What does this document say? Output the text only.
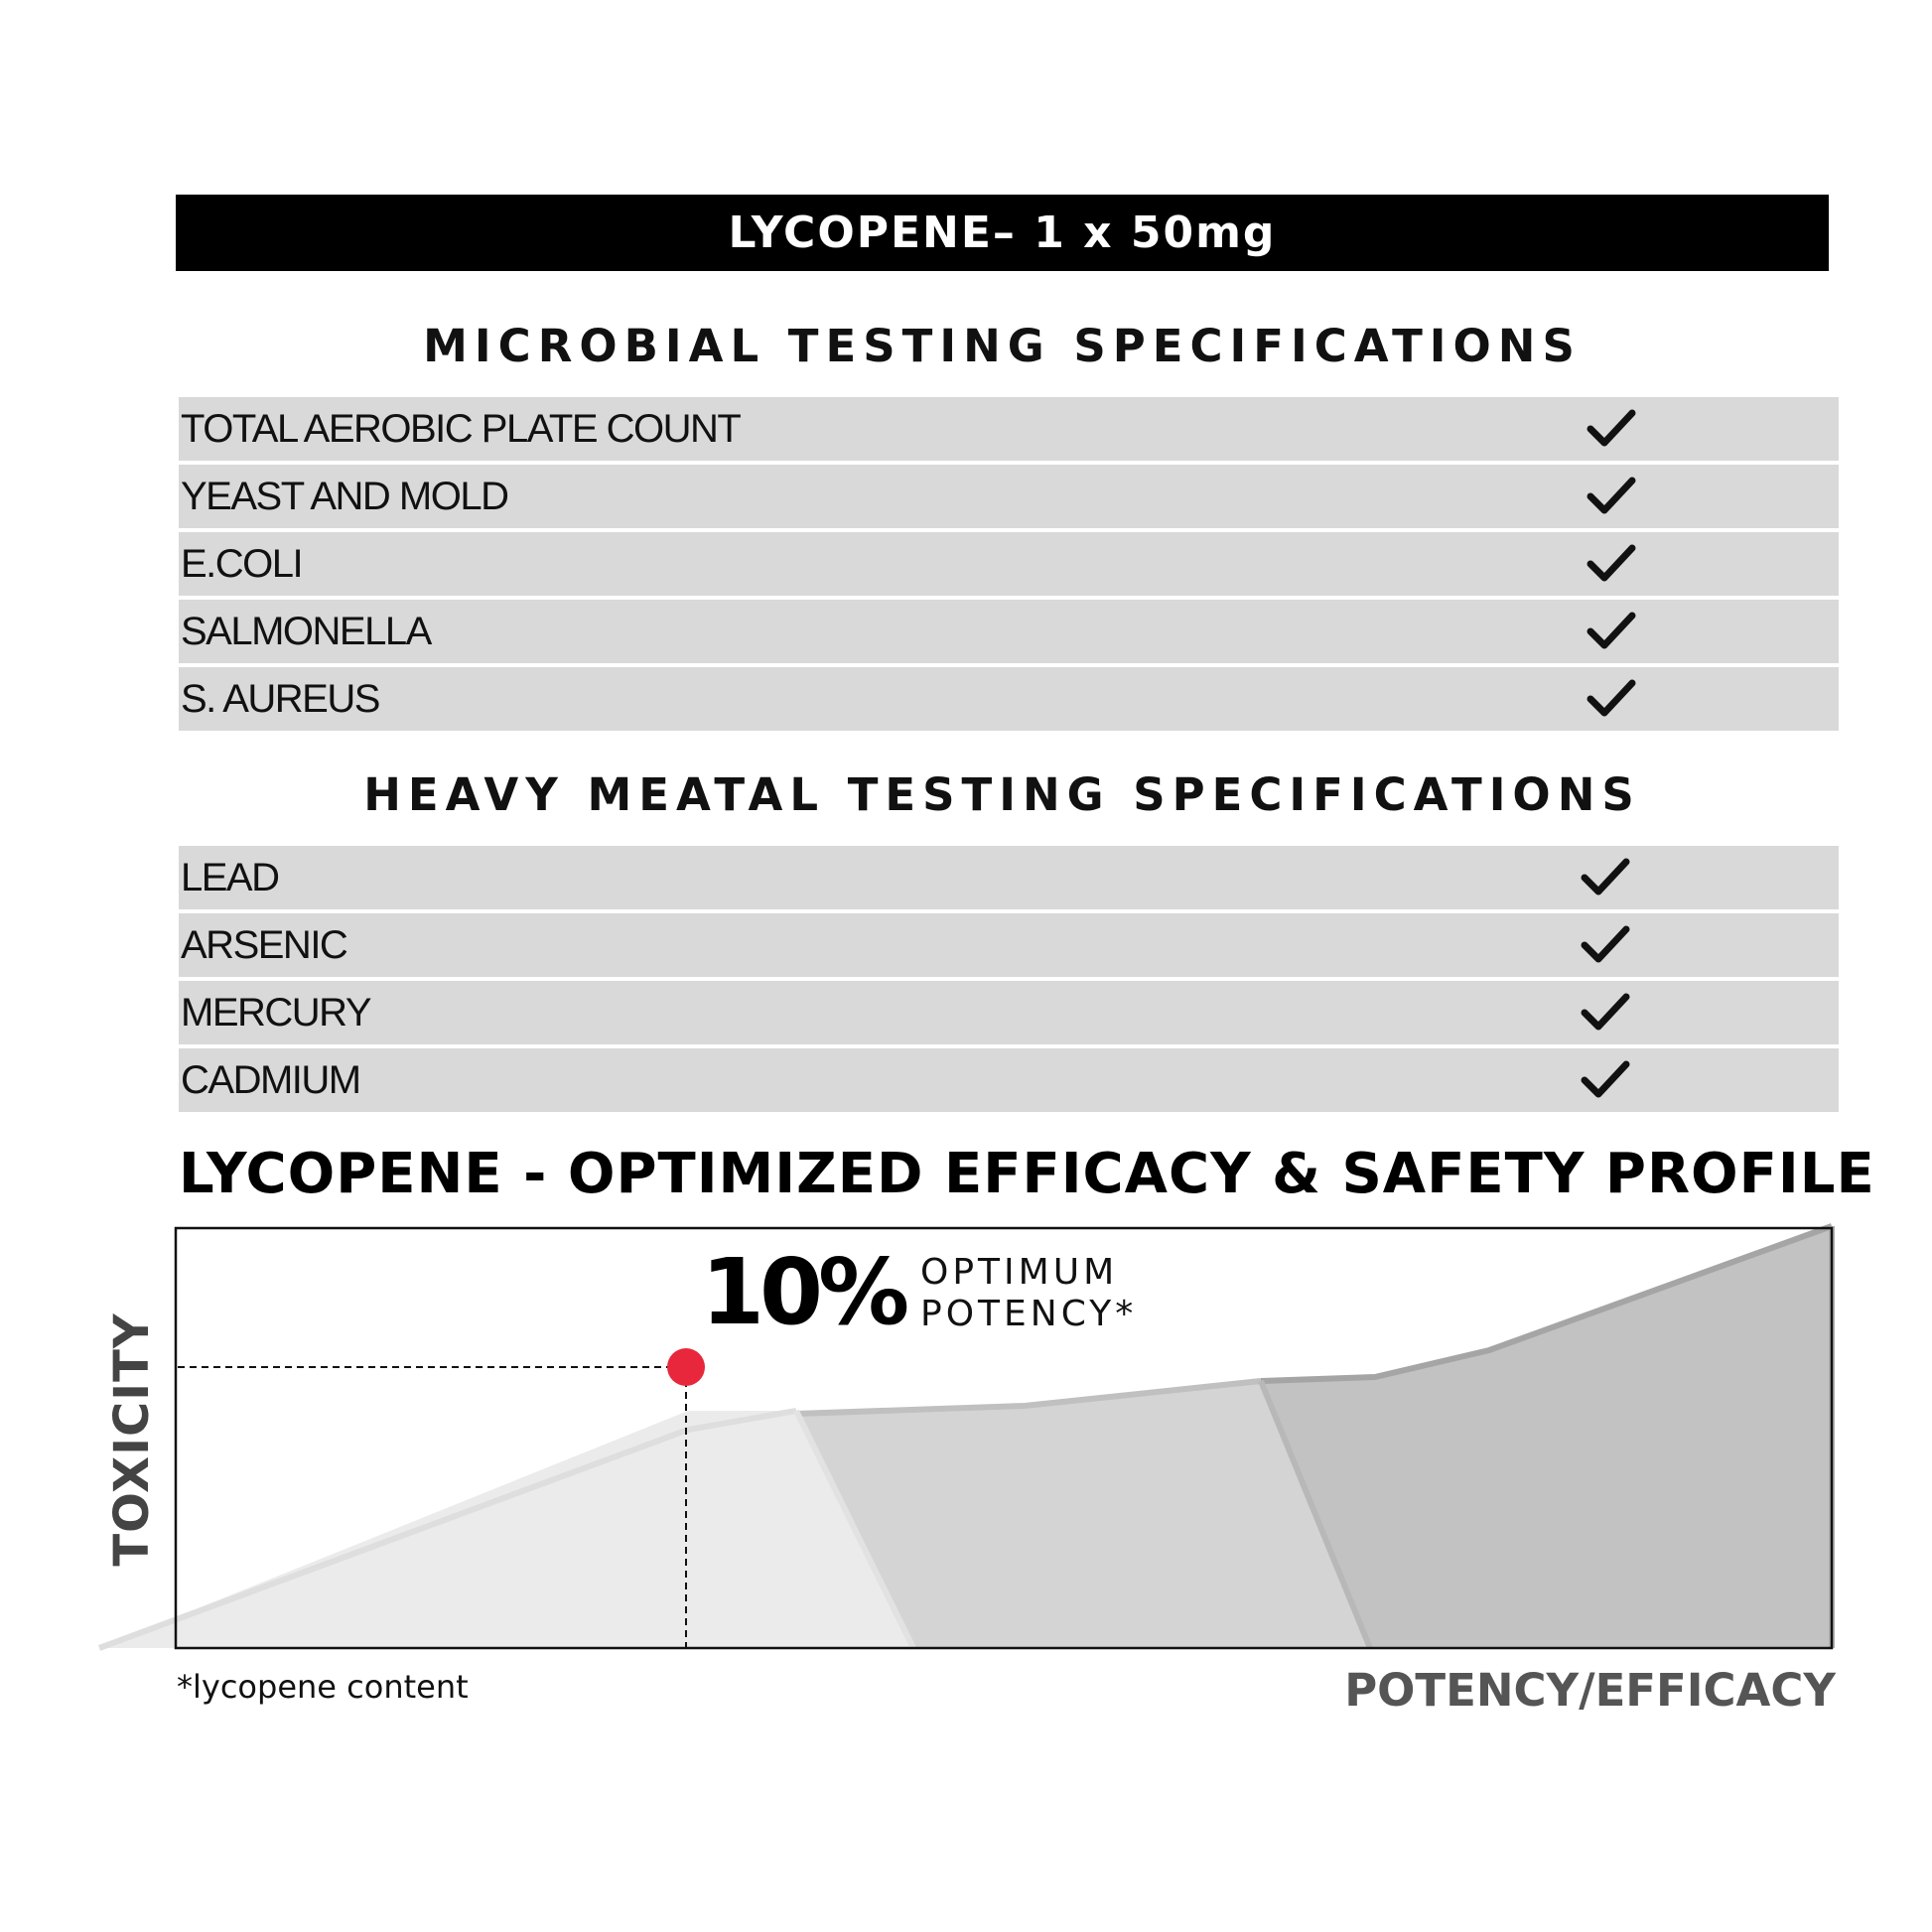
LYCOPENE– 1 x 50mg
MICROBIAL TESTING SPECIFICATIONS
TOTAL AEROBIC PLATE COUNT
YEAST AND MOLD
E.COLI
SALMONELLA
S. AUREUS
HEAVY MEATAL TESTING SPECIFICATIONS
LEAD
ARSENIC
MERCURY
CADMIUM
LYCOPENE - OPTIMIZED EFFICACY & SAFETY PROFILE
10% OPTIMUM
POTENCY*
TOXICITY
POTENCY/EFFICACY
*lycopene content
